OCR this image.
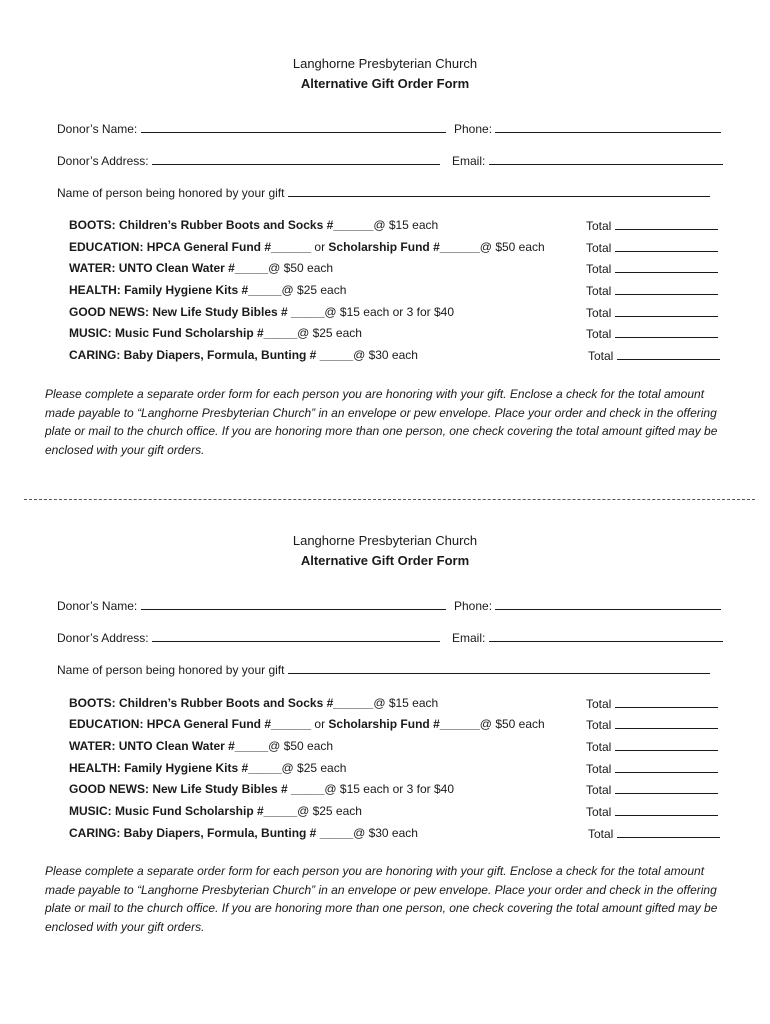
Langhorne Presbyterian Church
Alternative Gift Order Form
Donor’s Name:	Phone:
Donor’s Address:	Email:
Name of person being honored by your gift
BOOTS: Children’s Rubber Boots and Socks #______@ $15 each	Total
EDUCATION: HPCA General Fund #______ or Scholarship Fund #______@ $50 each	Total
WATER: UNTO Clean Water #_____@ $50 each	Total
HEALTH: Family Hygiene Kits #_____@ $25 each	Total
GOOD NEWS: New Life Study Bibles # _____@ $15 each or 3 for $40	Total
MUSIC: Music Fund Scholarship #_____@ $25 each	Total
CARING: Baby Diapers, Formula, Bunting # _____@ $30 each	Total
Please complete a separate order form for each person you are honoring with your gift. Enclose a check for the total amount made payable to “Langhorne Presbyterian Church” in an envelope or pew envelope. Place your order and check in the offering plate or mail to the church office. If you are honoring more than one person, one check covering the total amount gifted may be enclosed with your gift orders.
Langhorne Presbyterian Church
Alternative Gift Order Form
Donor’s Name:	Phone:
Donor’s Address:	Email:
Name of person being honored by your gift
BOOTS: Children’s Rubber Boots and Socks #______@ $15 each	Total
EDUCATION: HPCA General Fund #______ or Scholarship Fund #______@ $50 each	Total
WATER: UNTO Clean Water #_____@ $50 each	Total
HEALTH: Family Hygiene Kits #_____@ $25 each	Total
GOOD NEWS: New Life Study Bibles # _____@ $15 each or 3 for $40	Total
MUSIC: Music Fund Scholarship #_____@ $25 each	Total
CARING: Baby Diapers, Formula, Bunting # _____@ $30 each	Total
Please complete a separate order form for each person you are honoring with your gift. Enclose a check for the total amount made payable to “Langhorne Presbyterian Church” in an envelope or pew envelope. Place your order and check in the offering plate or mail to the church office. If you are honoring more than one person, one check covering the total amount gifted may be enclosed with your gift orders.
